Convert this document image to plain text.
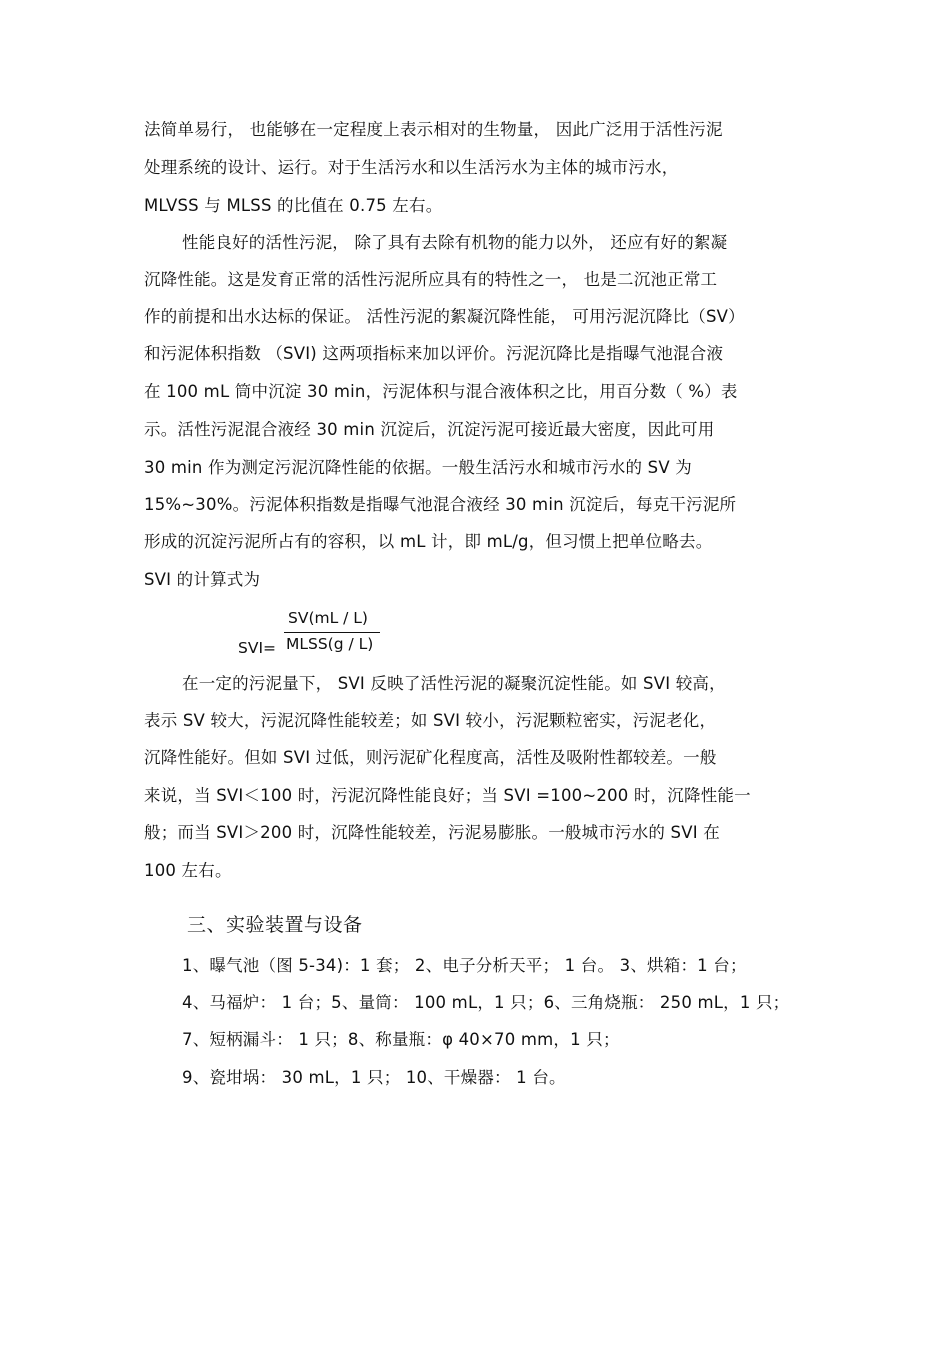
法简单易行， 也能够在一定程度上表示相对的生物量， 因此广泛用于活性污泥
处理系统的设计、运行。对于生活污水和以生活污水为主体的城市污水，
MLVSS 与 MLSS 的比值在 0.75 左右。
性能良好的活性污泥， 除了具有去除有机物的能力以外， 还应有好的絮凝
沉降性能。这是发育正常的活性污泥所应具有的特性之一， 也是二沉池正常工
作的前提和出水达标的保证。 活性污泥的絮凝沉降性能， 可用污泥沉降比（SV）
和污泥体积指数 （SVI) 这两项指标来加以评价。污泥沉降比是指曝气池混合液
在 100 mL 筒中沉淀 30 min，污泥体积与混合液体积之比，用百分数（ %）表
示。活性污泥混合液经 30 min 沉淀后，沉淀污泥可接近最大密度，因此可用
30 min 作为测定污泥沉降性能的依据。一般生活污水和城市污水的 SV 为
15%~30%。污泥体积指数是指曝气池混合液经 30 min 沉淀后，每克干污泥所
形成的沉淀污泥所占有的容积，以 mL 计，即 mL/g，但习惯上把单位略去。
SVI 的计算式为
SVI=
SV(mL / L)
MLSS(g / L)
在一定的污泥量下， SVI 反映了活性污泥的凝聚沉淀性能。如 SVI 较高，
表示 SV 较大，污泥沉降性能较差；如 SVI 较小，污泥颗粒密实，污泥老化，
沉降性能好。但如 SVI 过低，则污泥矿化程度高，活性及吸附性都较差。一般
来说，当 SVI＜100 时，污泥沉降性能良好；当 SVI =100~200 时，沉降性能一
般；而当 SVI＞200 时，沉降性能较差，污泥易膨胀。一般城市污水的 SVI 在
100 左右。
三、实验装置与设备
1、曝气池（图 5-34)：1 套； 2、电子分析天平； 1 台。 3、烘箱：1 台；
4、马福炉： 1 台；5、量筒： 100 mL，1 只；6、三角烧瓶： 250 mL，1 只；
7、短柄漏斗： 1 只；8、称量瓶：φ 40×70 mm，1 只；
9、瓷坩埚： 30 mL，1 只； 10、干燥器： 1 台。
